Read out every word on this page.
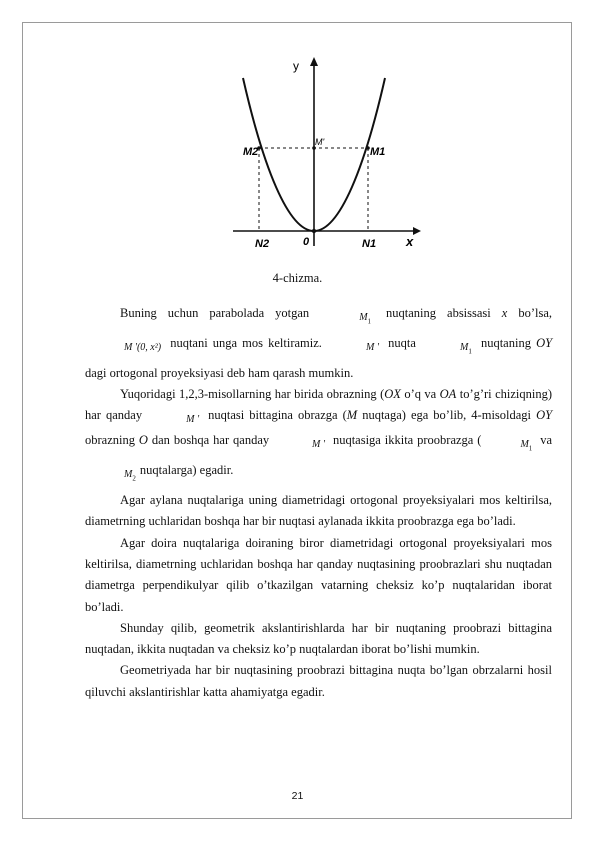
y
x
0
M'
M1
M2
N1
N2
4-chizma.

Buning uchun parabolada yotgan	$M_1$ nuqtaning absissasi x bo’lsa, M '(0, x²) nuqtani unga mos keltiramiz.	M ' nuqta	$M_1$ nuqtaning OY dagi ortogonal proyeksiyasi deb ham qarash mumkin.

Yuqoridagi 1,2,3-misollarning har birida obrazning (OX o’q va OA to’g’ri chiziqning) har qanday	M ' nuqtasi bittagina obrazga (M nuqtaga) ega bo’lib, 4-misoldagi OY obrazning O dan boshqa har qanday	M ' nuqtasiga ikkita proobrazga (	$M_1$ va $M_2nuqtalarga$) egadir.

Agar aylana nuqtalariga uning diametridagi ortogonal proyeksiyalari mos keltirilsa, diametrning uchlaridan boshqa har bir nuqtasi aylanada ikkita proobrazga ega bo’ladi.

Agar doira nuqtalariga doiraning biror diametridagi ortogonal proyeksiyalari mos keltirilsa, diametrning uchlaridan boshqa har qanday nuqtasining proobrazlari shu nuqtadan diametrga perpendikulyar qilib o’tkazilgan vatarning cheksiz ko’p nuqtalaridan iborat bo’ladi.

Shunday qilib, geometrik akslantirishlarda har bir nuqtaning proobrazi bittagina nuqtadan, ikkita nuqtadan va cheksiz ko’p nuqtalardan iborat bo’lishi mumkin.

Geometriyada har bir nuqtasining proobrazi bittagina nuqta bo’lgan obrzalarni hosil qiluvchi akslantirishlar katta ahamiyatga egadir.

21
